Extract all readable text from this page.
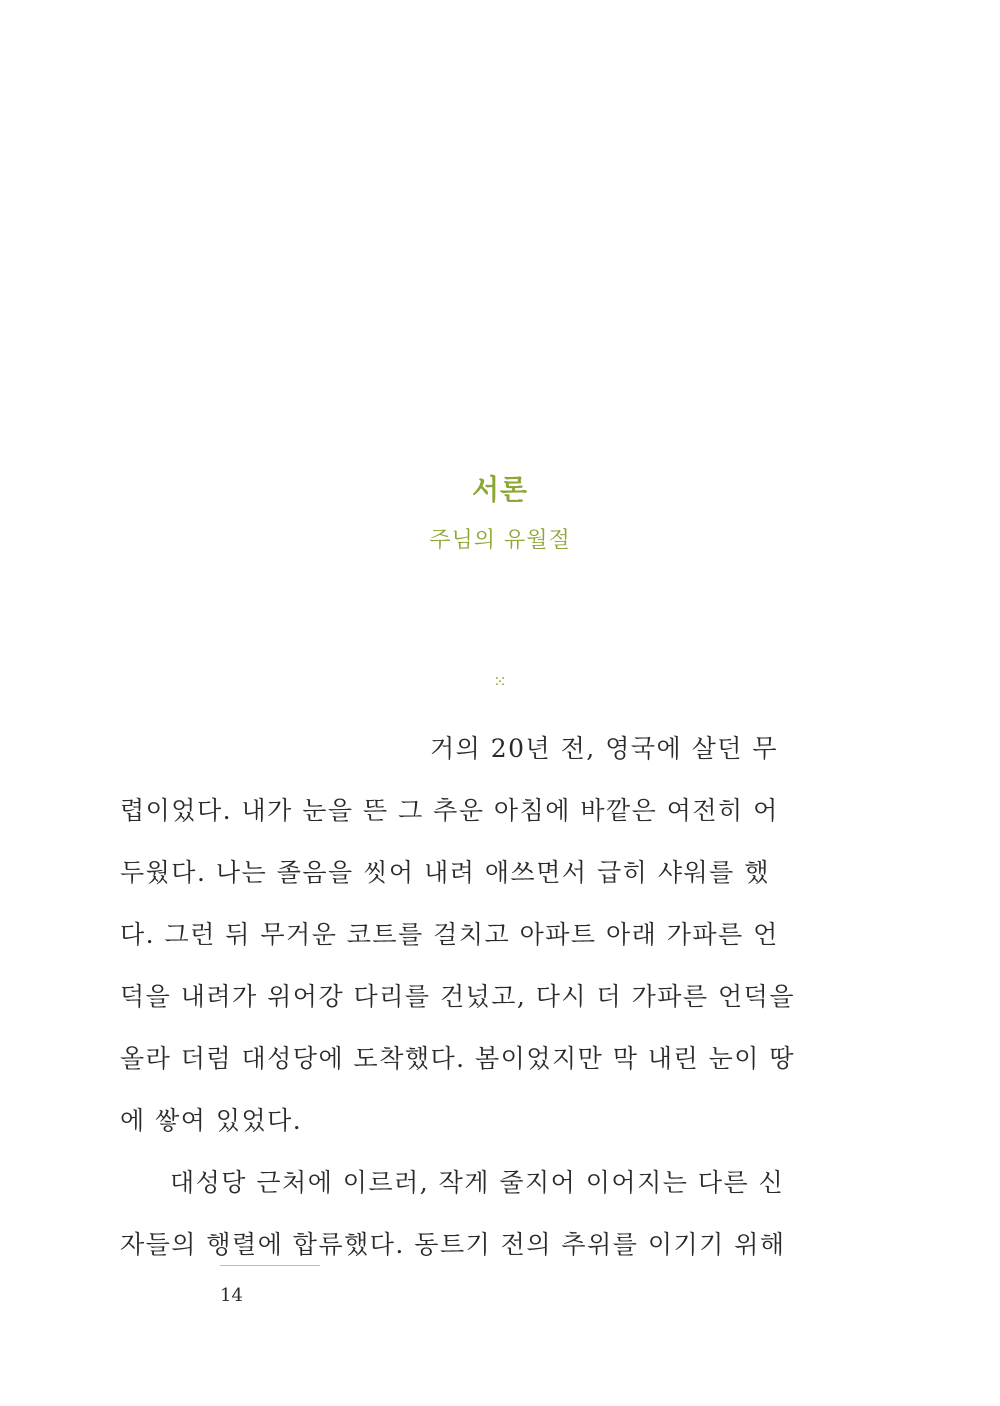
서론
주님의 유월절
⁙
거의 20년 전, 영국에 살던 무
렵이었다. 내가 눈을 뜬 그 추운 아침에 바깥은 여전히 어
두웠다. 나는 졸음을 씻어 내려 애쓰면서 급히 샤워를 했
다. 그런 뒤 무거운 코트를 걸치고 아파트 아래 가파른 언
덕을 내려가 위어강 다리를 건넜고, 다시 더 가파른 언덕을
올라 더럼 대성당에 도착했다. 봄이었지만 막 내린 눈이 땅
에 쌓여 있었다.
대성당 근처에 이르러, 작게 줄지어 이어지는 다른 신
자들의 행렬에 합류했다. 동트기 전의 추위를 이기기 위해
14
